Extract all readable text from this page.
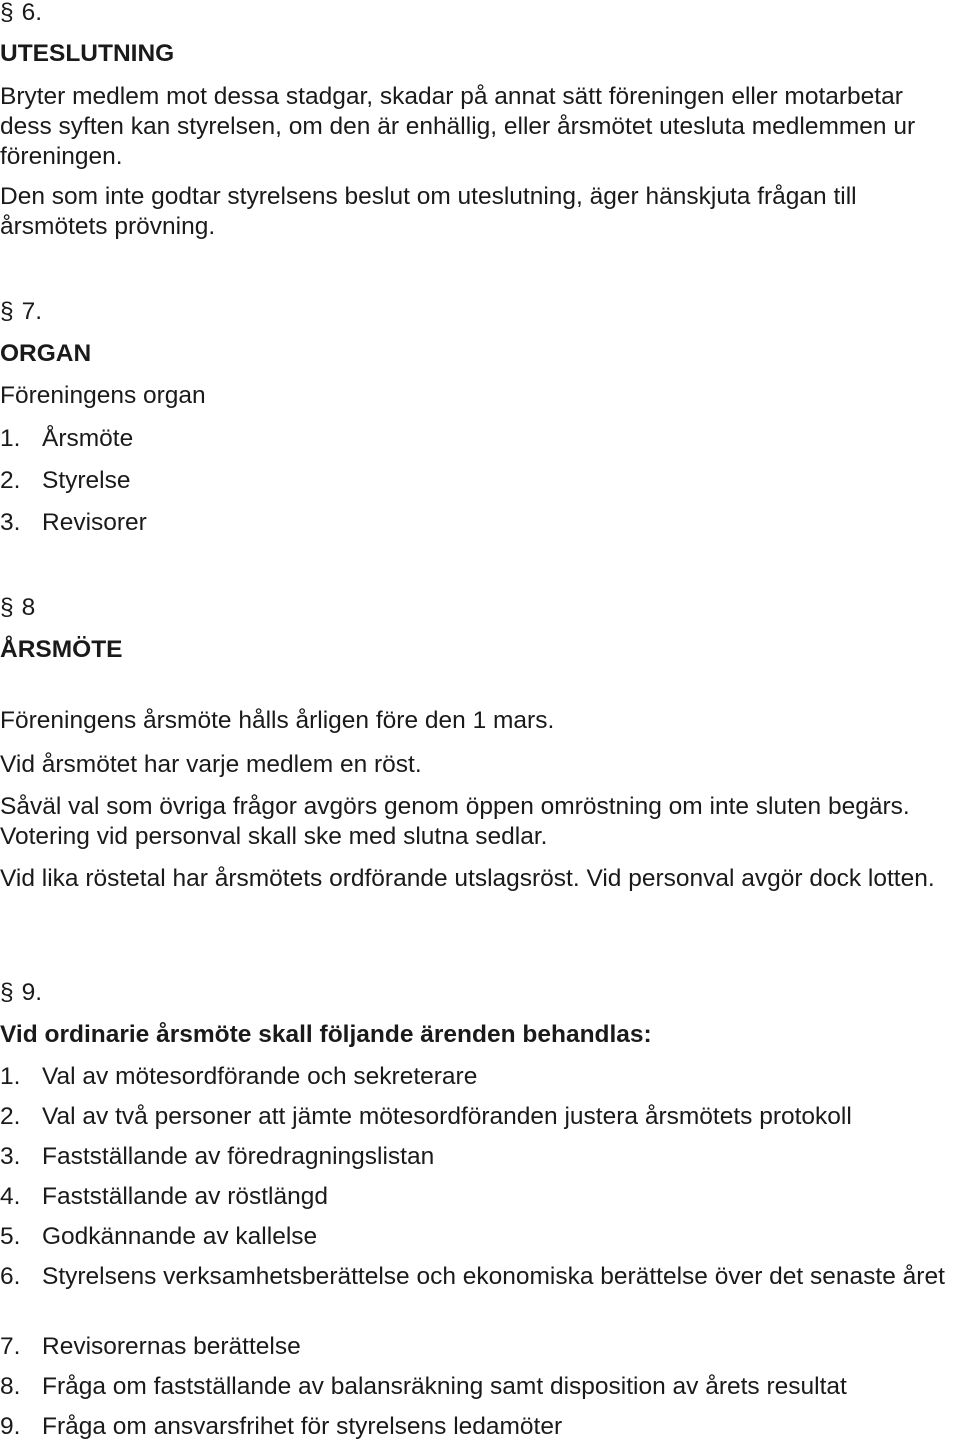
§ 6.
UTESLUTNING
Bryter medlem mot dessa stadgar, skadar på annat sätt föreningen eller motarbetar dess syften kan styrelsen, om den är enhällig, eller årsmötet utesluta medlemmen ur föreningen.
Den som inte godtar styrelsens beslut om uteslutning, äger hänskjuta frågan till årsmötets prövning.
§ 7.
ORGAN
Föreningens organ
1. Årsmöte
2. Styrelse
3. Revisorer
§ 8
ÅRSMÖTE
Föreningens årsmöte hålls årligen före den 1 mars.
Vid årsmötet har varje medlem en röst.
Såväl val som övriga frågor avgörs genom öppen omröstning om inte sluten begärs. Votering vid personval skall ske med slutna sedlar.
Vid lika röstetal har årsmötets ordförande utslagsröst. Vid personval avgör dock lotten.
§ 9.
Vid ordinarie årsmöte skall följande ärenden behandlas:
1. Val av mötesordförande och sekreterare
2. Val av två personer att jämte mötesordföranden justera årsmötets protokoll
3. Fastställande av föredragningslistan
4. Fastställande av röstlängd
5. Godkännande av kallelse
6. Styrelsens verksamhetsberättelse och ekonomiska berättelse över det senaste året
7. Revisorernas berättelse
8. Fråga om fastställande av balansräkning samt disposition av årets resultat
9. Fråga om ansvarsfrihet för styrelsens ledamöter
